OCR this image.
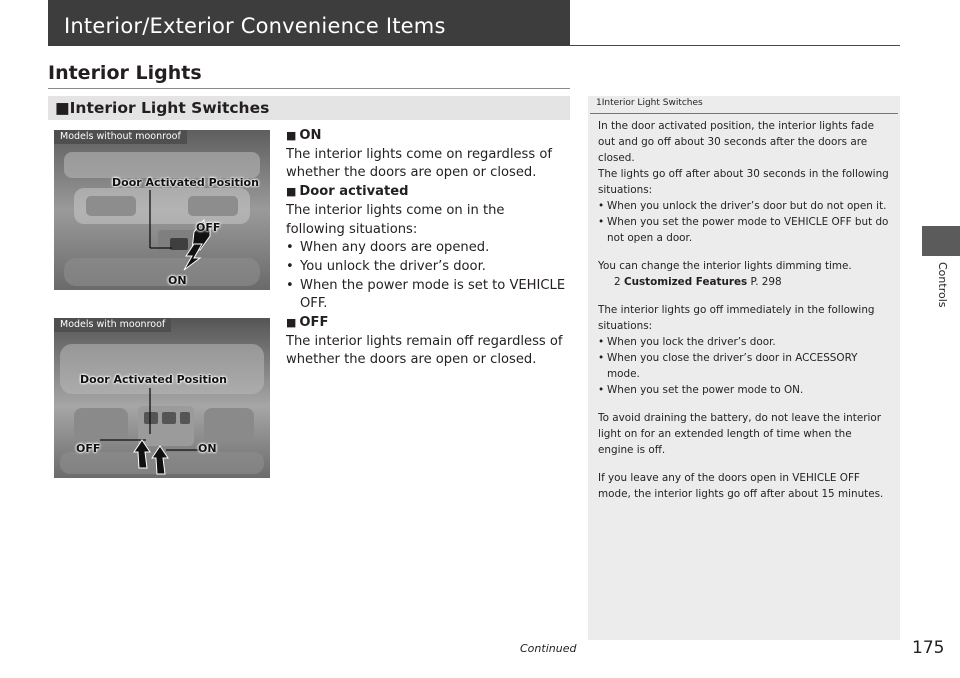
Interior/Exterior Convenience Items
Interior Lights
■Interior Light Switches
Models without moonroof
Door Activated Position
OFF
ON
Models with moonroof
Door Activated Position
OFF	ON
■ ON
The interior lights come on regardless of whether the doors are open or closed.
■ Door activated
The interior lights come on in the following situations:
• When any doors are opened.
• You unlock the driver’s door.
• When the power mode is set to VEHICLE OFF.
■ OFF
The interior lights remain off regardless of whether the doors are open or closed.
1Interior Light Switches
In the door activated position, the interior lights fade out and go off about 30 seconds after the doors are closed.
The lights go off after about 30 seconds in the following situations:
• When you unlock the driver’s door but do not open it.
• When you set the power mode to VEHICLE OFF but do not open a door.
You can change the interior lights dimming time.
2 Customized Features P. 298
The interior lights go off immediately in the following situations:
• When you lock the driver’s door.
• When you close the driver’s door in ACCESSORY mode.
• When you set the power mode to ON.
To avoid draining the battery, do not leave the interior light on for an extended length of time when the engine is off.
If you leave any of the doors open in VEHICLE OFF mode, the interior lights go off after about 15 minutes.
Controls
Continued	175
